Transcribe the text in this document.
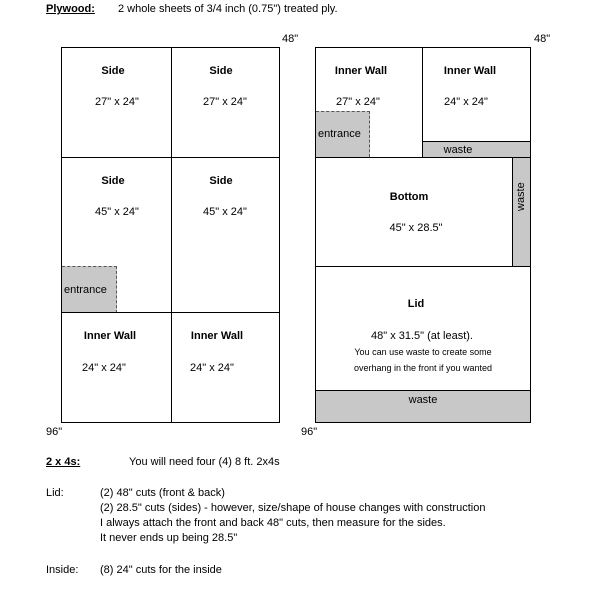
Plywood: 2 whole sheets of 3/4 inch (0.75") treated ply.
Side
27" x 24"
Side
27" x 24"
Side
45" x 24"
Side
45" x 24"
entrance
Inner Wall
24" x 24"
Inner Wall
24" x 24"
48"
96"
Inner Wall
27" x 24"
Inner Wall
24" x 24"
entrance
waste
Bottom
45" x 28.5"
waste
Lid
48" x 31.5" (at least).
You can use waste to create some
overhang in the front if you wanted
waste
48"
96"
2 x 4s:	You will need four (4) 8 ft. 2x4s
Lid:	(2) 48" cuts (front & back)
(2) 28.5" cuts (sides) - however, size/shape of house changes with construction
I always attach the front and back 48" cuts, then measure for the sides.
It never ends up being 28.5"
Inside: (8) 24" cuts for the inside
